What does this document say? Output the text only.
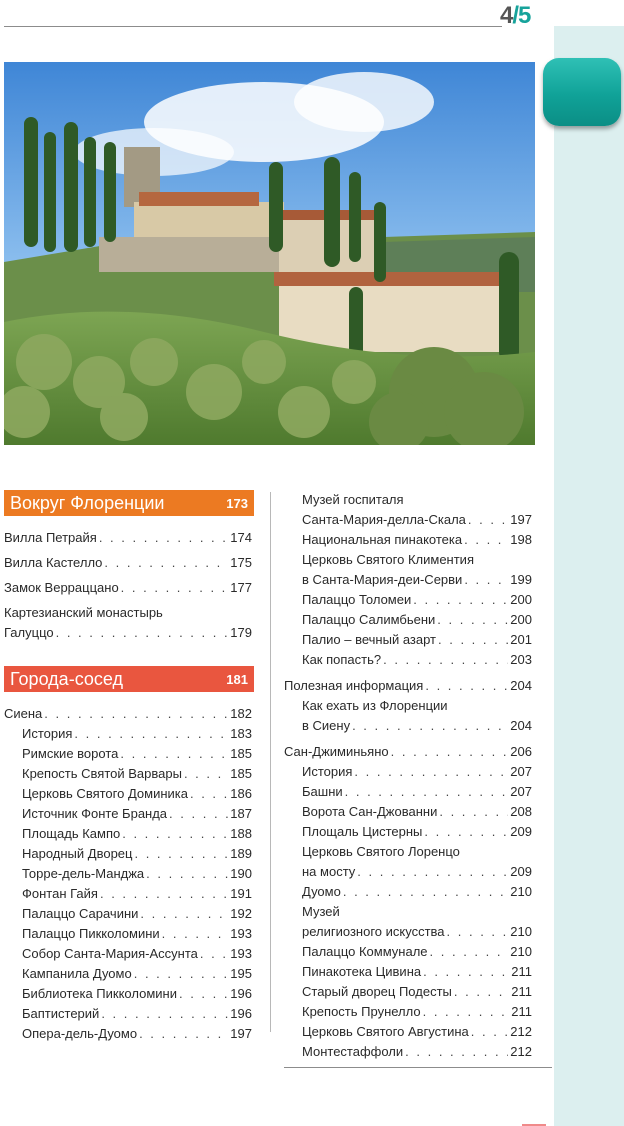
4/5
Вокруг Флоренции	173
Вилла Петрайя . . .	174
Вилла Кастелло . . .	175
Замок Верраццано . . .	177
Картезианский монастырь
Галуццо . . .	179
Города-сосед	181
Сиена . . .	182
История . . .	183
Римские ворота . . .	185
Крепость Святой Варвары . . .	185
Церковь Святого Доминика . . .	186
Источник Фонте Бранда . . .	187
Площадь Кампо . . .	188
Народный Дворец . . .	189
Торре-дель-Манджа . . .	190
Фонтан Гайя . . .	191
Палаццо Сарачини . . .	192
Палаццо Пикколомини . . .	193
Собор Санта-Мария-Ассунта . . . 193
Кампанила Дуомо . . .	195
Библиотека Пикколомини . . .	196
Баптистерий . . .	196
Опера-дель-Дуомо . . .	197
Музей госпиталя
Санта-Мария-делла-Скала . . .	197
Национальная пинакотека . . .	198
Церковь Святого Климентия
в Санта-Мария-деи-Серви . . .	199
Палаццо Толомеи . . .	200
Палаццо Салимбьени . . .	200
Палио – вечный азарт . . .	201
Как попасть? . . .	203
Полезная информация . . .	204
Как ехать из Флоренции
в Сиену . . .	204
Сан-Джиминьяно . . .	206
История . . .	207
Башни . . .	207
Ворота Сан-Джованни . . .	208
Площаль Цистерны . . .	209
Церковь Святого Лоренцо
на мосту . . .	209
Дуомо . . .	210
Музей
религиозного искусства . . .	210
Палаццо Коммунале . . .	210
Пинакотека Цивина . . .	211
Старый дворец Подесты . . .	211
Крепость Прунелло . . .	211
Церковь Святого Августина . . .	212
Монтестаффоли . . .	212
